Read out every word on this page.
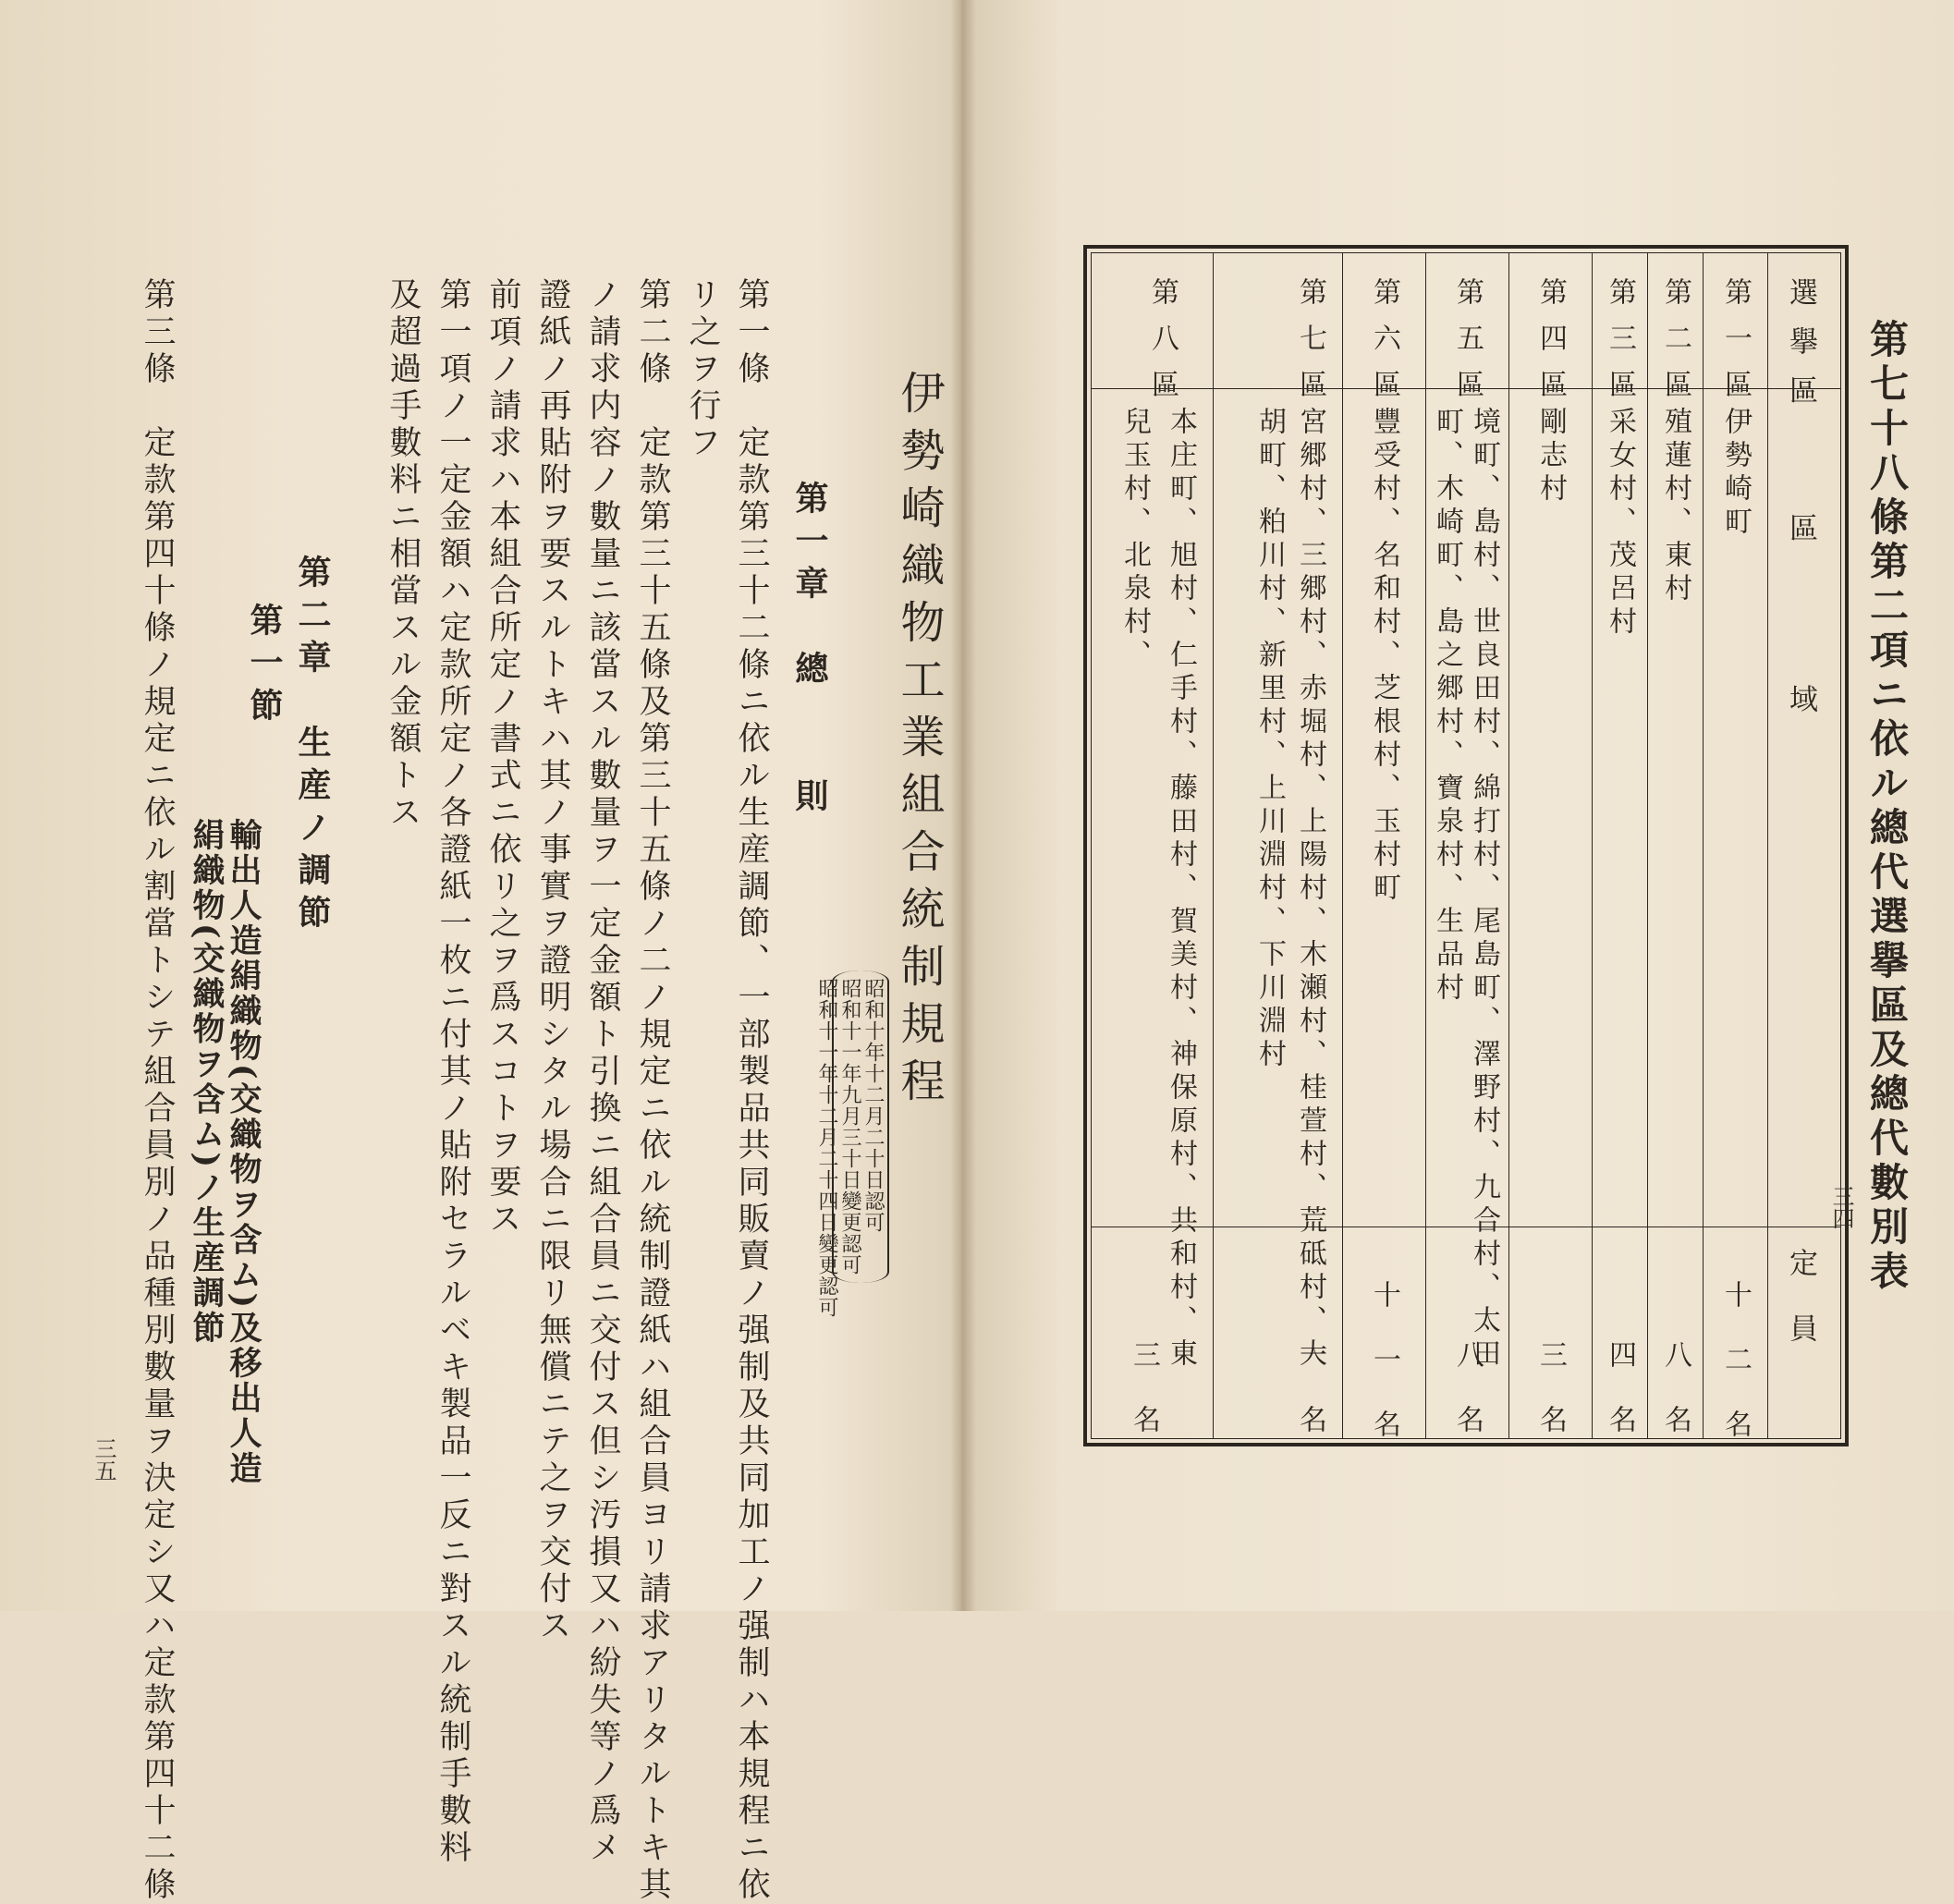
伊勢崎織物工業組合統制規程
昭和十年十二月二十日認可
昭和十一年九月三十日變更認可
昭和十一年十二月二十四日變更認可
第一章　總　　則
第一條　定款第三十二條ニ依ル生産調節、一部製品共同販賣ノ强制及共同加工ノ强制ハ本規程ニ依
リ之ヲ行フ
第二條　定款第三十五條及第三十五條ノ二ノ規定ニ依ル統制證紙ハ組合員ヨリ請求アリタルトキ其
ノ請求内容ノ數量ニ該當スル數量ヲ一定金額ト引換ニ組合員ニ交付ス但シ汚損又ハ紛失等ノ爲メ
證紙ノ再貼附ヲ要スルトキハ其ノ事實ヲ證明シタル場合ニ限リ無償ニテ之ヲ交付ス
前項ノ請求ハ本組合所定ノ書式ニ依リ之ヲ爲スコトヲ要ス
第一項ノ一定金額ハ定款所定ノ各證紙一枚ニ付其ノ貼附セラルベキ製品一反ニ對スル統制手數料
及超過手數料ニ相當スル金額トス
第二章　生産ノ調節
第一節
輸出人造絹織物(交織物ヲ含ム)及移出人造
絹織物(交織物ヲ含ム)ノ生産調節
第三條　定款第四十條ノ規定ニ依ル割當トシテ組合員別ノ品種別數量ヲ決定シ又ハ定款第四十二條
三五
第七十八條第二項ニ依ル總代選擧區及總代數別表
三四
選擧區
區　　　　域
定員
第一區
伊勢崎町
十二名
第二區
殖蓮村、東村
八名
第三區
采女村、茂呂村
四名
第四區
剛志村
三名
第五區
境町、島村、世良田村、綿打村、尾島町、澤野村、九合村、太田
町、木崎町、島之郷村、寶泉村、生品村
八名
第六區
豐受村、名和村、芝根村、玉村町
十一名
第七區
宮郷村、三郷村、赤堀村、上陽村、木瀬村、桂萱村、荒砥村、大
胡町、粕川村、新里村、上川淵村、下川淵村
一名
第八區
本庄町、旭村、仁手村、藤田村、賀美村、神保原村、共和村、東
兒玉村、北泉村、
三名
